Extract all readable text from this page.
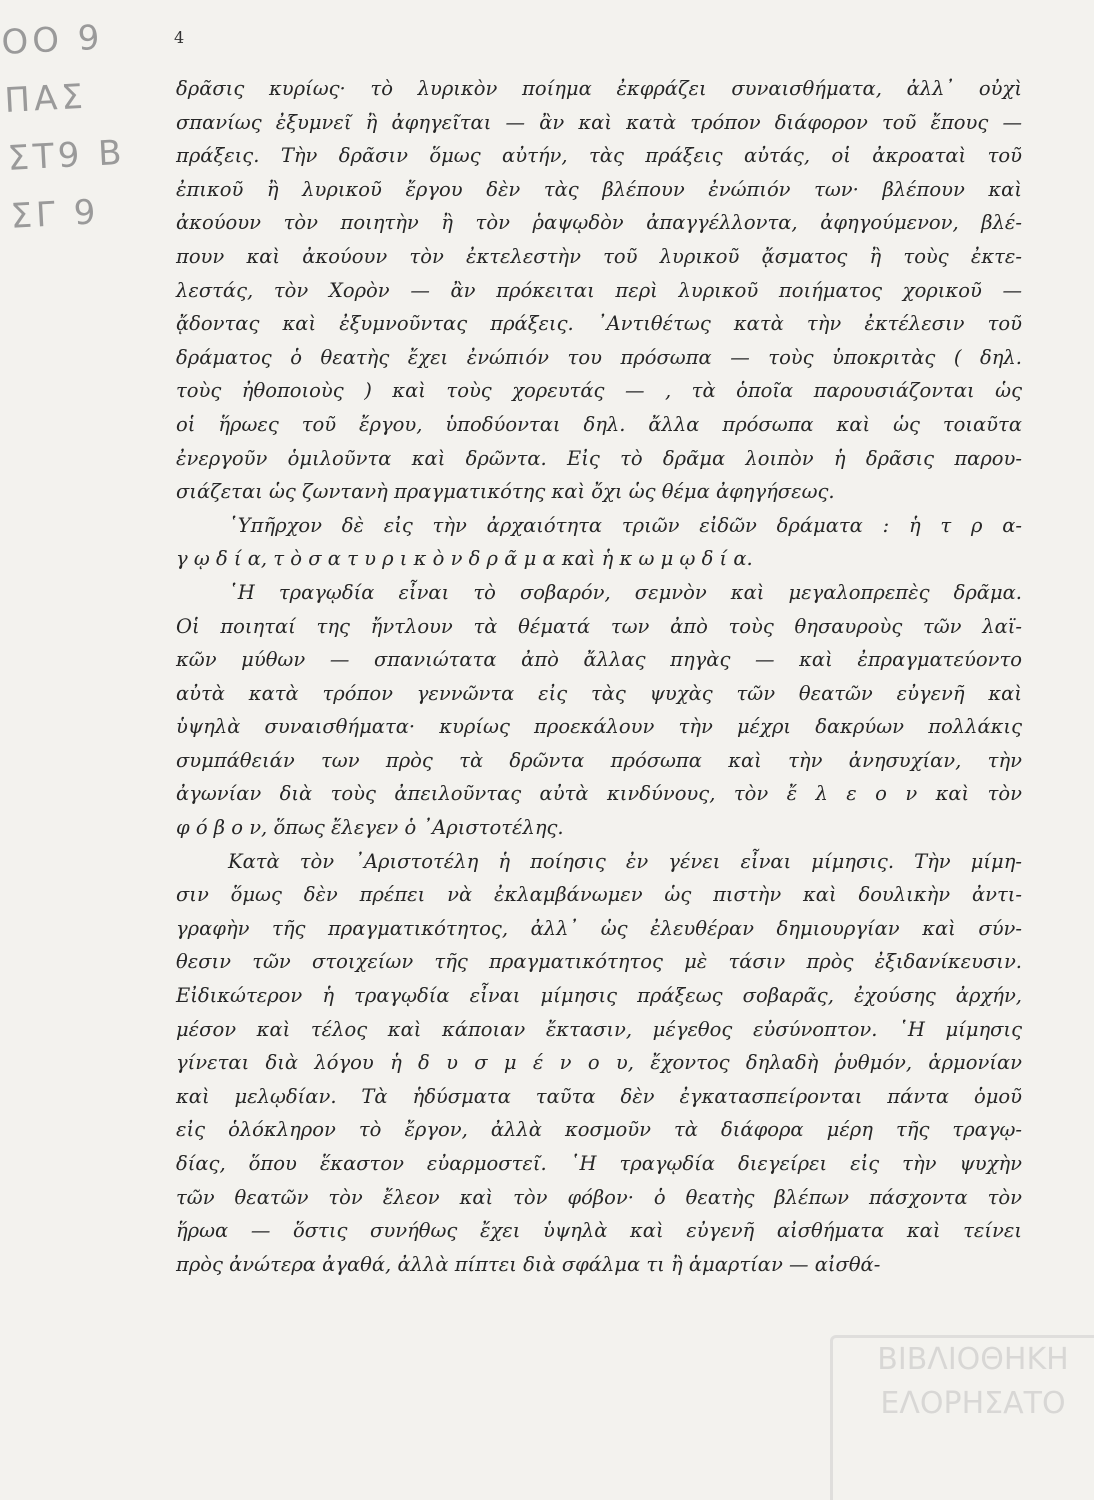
ΟΟ 9
ΠΑΣ
ΣΤ9 Β
ΣΓ 9
4
δρᾶσις κυρίως· τὸ λυρικὸν ποίημα ἐκφράζει συναισθήματα, ἀλλ᾽ οὐχὶ
σπανίως ἐξυμνεῖ ἢ ἀφηγεῖται — ἂν καὶ κατὰ τρόπον διάφορον τοῦ ἔπους —
πράξεις. Τὴν δρᾶσιν ὅμως αὐτήν, τὰς πράξεις αὐτάς, οἱ ἀκροαταὶ τοῦ
ἐπικοῦ ἢ λυρικοῦ ἔργου δὲν τὰς βλέπουν ἐνώπιόν των· βλέπουν καὶ
ἀκούουν τὸν ποιητὴν ἢ τὸν ῥαψῳδὸν ἀπαγγέλλοντα, ἀφηγούμενον, βλέ-
πουν καὶ ἀκούουν τὸν ἐκτελεστὴν τοῦ λυρικοῦ ᾄσματος ἢ τοὺς ἐκτε-
λεστάς, τὸν Χορὸν — ἂν πρόκειται περὶ λυρικοῦ ποιήματος χορικοῦ —
ᾄδοντας καὶ ἐξυμνοῦντας πράξεις. ᾿Αντιθέτως κατὰ τὴν ἐκτέλεσιν τοῦ
δράματος ὁ θεατὴς ἔχει ἐνώπιόν του πρόσωπα — τοὺς ὑποκριτὰς ( δηλ.
τοὺς ἠθοποιοὺς ) καὶ τοὺς χορευτάς — , τὰ ὁποῖα παρουσιάζονται ὡς
οἱ ἥρωες τοῦ ἔργου, ὑποδύονται δηλ. ἄλλα πρόσωπα καὶ ὡς τοιαῦτα
ἐνεργοῦν ὁμιλοῦντα καὶ δρῶντα. Εἰς τὸ δρᾶμα λοιπὸν ἡ δρᾶσις παρου-
σιάζεται ὡς ζωντανὴ πραγματικότης καὶ ὄχι ὡς θέμα ἀφηγήσεως.
῾Υπῆρχον δὲ εἰς τὴν ἀρχαιότητα τριῶν εἰδῶν δράματα : ἡ τ ρ α-
γ ῳ δ ί α, τ ὸ σ α τ υ ρ ι κ ὸ ν δ ρ ᾶ μ α καὶ ἡ κ ω μ ῳ δ ί α.
῾Η τραγῳδία εἶναι τὸ σοβαρόν, σεμνὸν καὶ μεγαλοπρεπὲς δρᾶμα.
Οἱ ποιηταί της ἤντλουν τὰ θέματά των ἀπὸ τοὺς θησαυροὺς τῶν λαϊ-
κῶν μύθων — σπανιώτατα ἀπὸ ἄλλας πηγὰς — καὶ ἐπραγματεύοντο
αὐτὰ κατὰ τρόπον γεννῶντα εἰς τὰς ψυχὰς τῶν θεατῶν εὐγενῆ καὶ
ὑψηλὰ συναισθήματα· κυρίως προεκάλουν τὴν μέχρι δακρύων πολλάκις
συμπάθειάν των πρὸς τὰ δρῶντα πρόσωπα καὶ τὴν ἀνησυχίαν, τὴν
ἀγωνίαν διὰ τοὺς ἀπειλοῦντας αὐτὰ κινδύνους, τὸν ἔ λ ε ο ν καὶ τὸν
φ ό β ο ν, ὅπως ἔλεγεν ὁ ᾿Αριστοτέλης.
Κατὰ τὸν ᾿Αριστοτέλη ἡ ποίησις ἐν γένει εἶναι μίμησις. Τὴν μίμη-
σιν ὅμως δὲν πρέπει νὰ ἐκλαμβάνωμεν ὡς πιστὴν καὶ δουλικὴν ἀντι-
γραφὴν τῆς πραγματικότητος, ἀλλ᾽ ὡς ἐλευθέραν δημιουργίαν καὶ σύν-
θεσιν τῶν στοιχείων τῆς πραγματικότητος μὲ τάσιν πρὸς ἐξιδανίκευσιν.
Εἰδικώτερον ἡ τραγῳδία εἶναι μίμησις πράξεως σοβαρᾶς, ἐχούσης ἀρχήν,
μέσον καὶ τέλος καὶ κάποιαν ἔκτασιν, μέγεθος εὐσύνοπτον. ῾Η μίμησις
γίνεται διὰ λόγου ἡ δ υ σ μ έ ν ο υ, ἔχοντος δηλαδὴ ῥυθμόν, ἁρμονίαν
καὶ μελῳδίαν. Τὰ ἡδύσματα ταῦτα δὲν ἐγκατασπείρονται πάντα ὁμοῦ
εἰς ὁλόκληρον τὸ ἔργον, ἀλλὰ κοσμοῦν τὰ διάφορα μέρη τῆς τραγῳ-
δίας, ὅπου ἕκαστον εὐαρμοστεῖ. ῾Η τραγῳδία διεγείρει εἰς τὴν ψυχὴν
τῶν θεατῶν τὸν ἔλεον καὶ τὸν φόβον· ὁ θεατὴς βλέπων πάσχοντα τὸν
ἥρωα — ὅστις συνήθως ἔχει ὑψηλὰ καὶ εὐγενῆ αἰσθήματα καὶ τείνει
πρὸς ἀνώτερα ἀγαθά, ἀλλὰ πίπτει διὰ σφάλμα τι ἢ ἁμαρτίαν — αἰσθά-
ΒΙΒΛΙΟΘΗΚΗ
ΕΛΟΡΗΣΑΤΟ
